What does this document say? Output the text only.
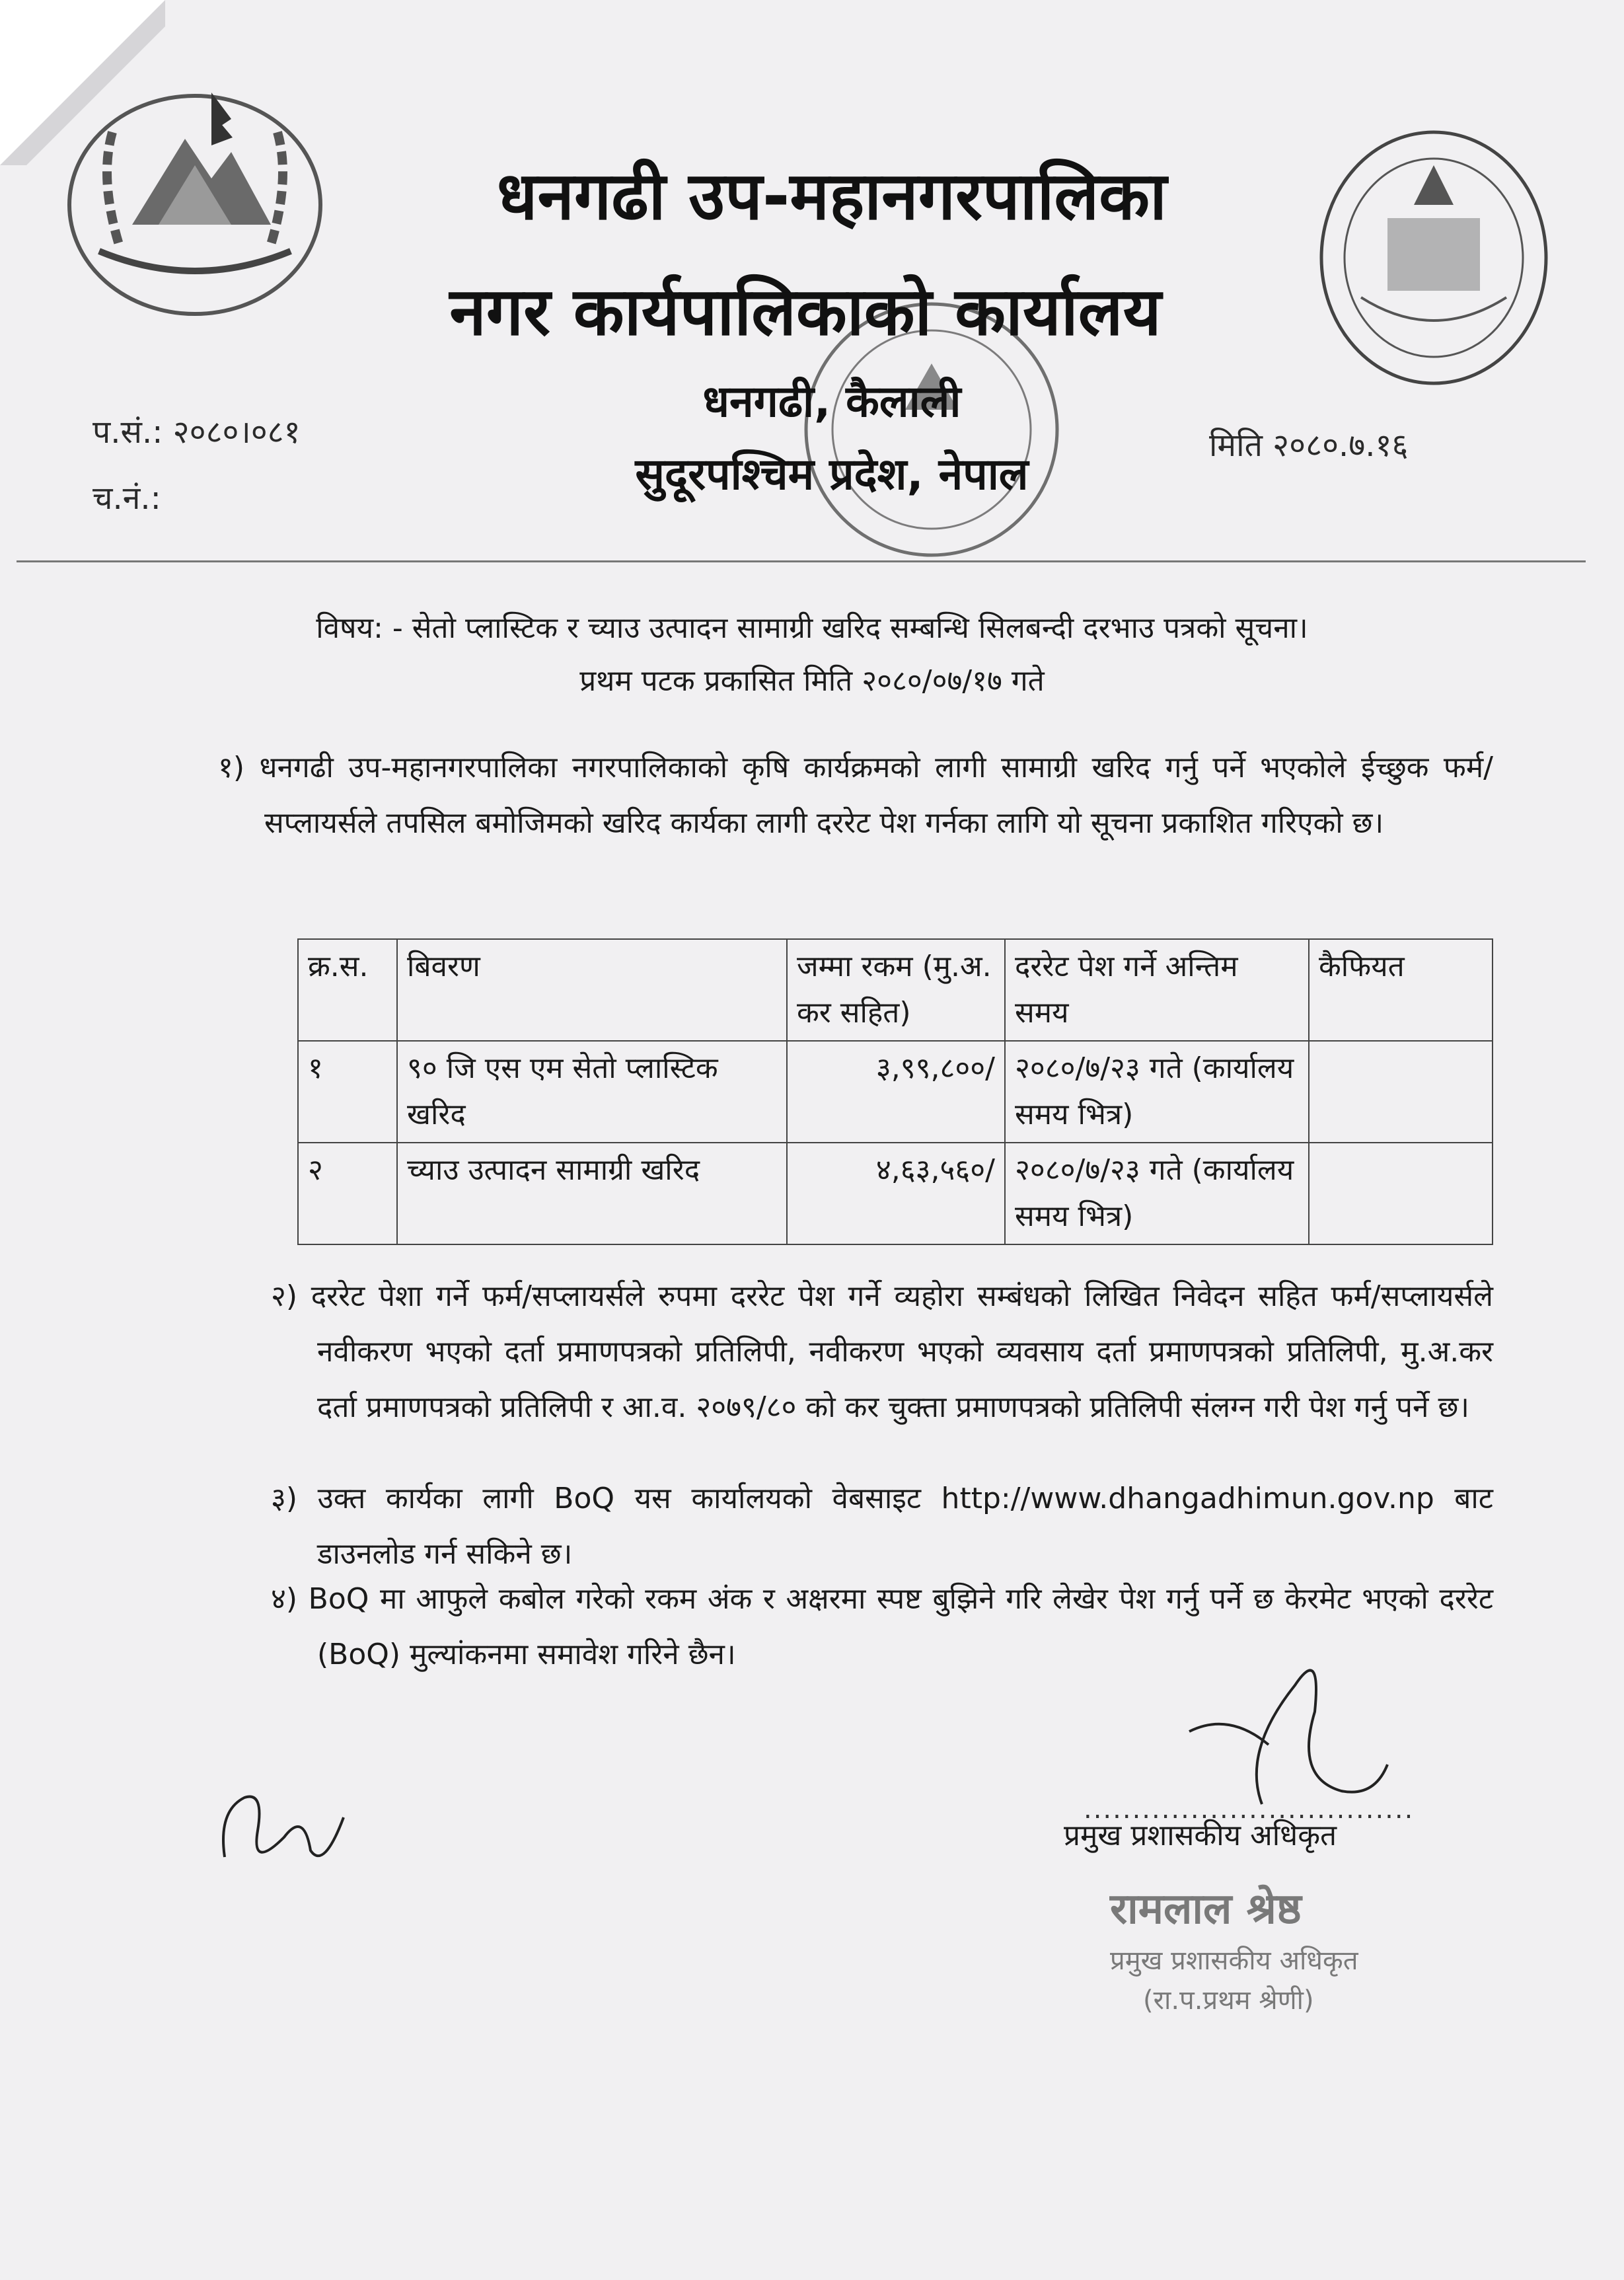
धनगढी उप-महानगरपालिका
नगर कार्यपालिकाको कार्यालय
धनगढी, कैलाली
सुदूरपश्चिम प्रदेश, नेपाल
प.सं.: २०८०।०८१
च.नं.:
मिति २०८०.७.१६
विषय: - सेतो प्लास्टिक र च्याउ उत्पादन सामाग्री खरिद सम्बन्धि सिलबन्दी दरभाउ पत्रको सूचना।
प्रथम पटक प्रकासित मिति २०८०/०७/१७ गते
१) धनगढी उप-महानगरपालिका नगरपालिकाको कृषि कार्यक्रमको लागी सामाग्री खरिद गर्नु पर्ने भएकोले ईच्छुक फर्म/सप्लायर्सले तपसिल बमोजिमको खरिद कार्यका लागी दररेट पेश गर्नका लागि यो सूचना प्रकाशित गरिएको छ।
क्र.स.	बिवरण	जम्मा रकम (मु.अ. कर सहित)	दररेट पेश गर्ने अन्तिम समय	कैफियत
१	९० जि एस एम सेतो प्लास्टिक खरिद	३,९९,८००/	२०८०/७/२३ गते (कार्यालय समय भित्र)	
२	च्याउ उत्पादन सामाग्री खरिद	४,६३,५६०/	२०८०/७/२३ गते (कार्यालय समय भित्र)	
२) दररेट पेशा गर्ने फर्म/सप्लायर्सले रुपमा दररेट पेश गर्ने व्यहोरा सम्बंधको लिखित निवेदन सहित फर्म/सप्लायर्सले नवीकरण भएको दर्ता प्रमाणपत्रको प्रतिलिपी, नवीकरण भएको व्यवसाय दर्ता प्रमाणपत्रको प्रतिलिपी, मु.अ.कर दर्ता प्रमाणपत्रको प्रतिलिपी र आ.व. २०७९/८० को कर चुक्ता प्रमाणपत्रको प्रतिलिपी संलग्न गरी पेश गर्नु पर्ने छ।
३) उक्त कार्यका लागी BoQ यस कार्यालयको वेबसाइट http://www.dhangadhimun.gov.np बाट डाउनलोड गर्न सकिने छ।
४) BoQ मा आफुले कबोल गरेको रकम अंक र अक्षरमा स्पष्ट बुझिने गरि लेखेर पेश गर्नु पर्ने छ केरमेट भएको दररेट (BoQ) मुल्यांकनमा समावेश गरिने छैन।
..................................
प्रमुख प्रशासकीय अधिकृत
रामलाल श्रेष्ठ
प्रमुख प्रशासकीय अधिकृत
(रा.प.प्रथम श्रेणी)
